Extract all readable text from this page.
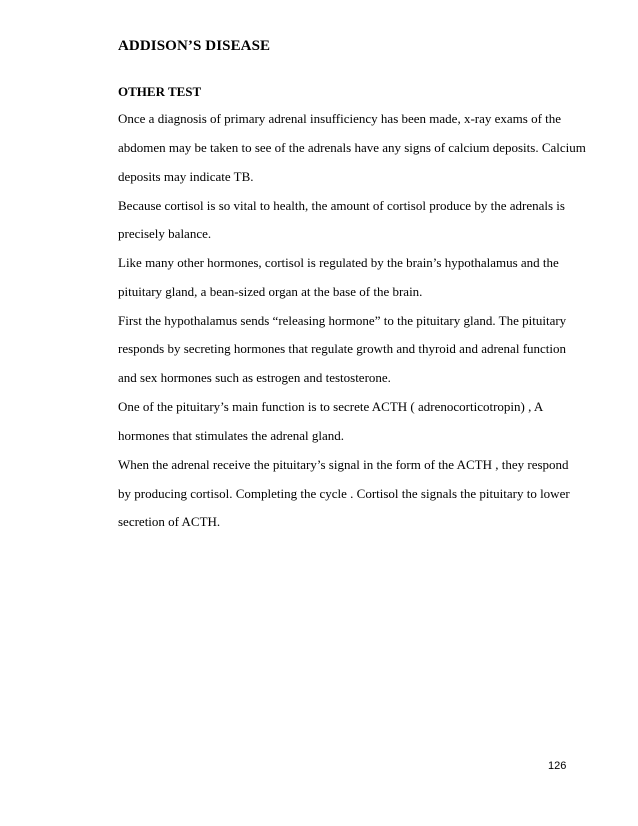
ADDISON’S DISEASE
OTHER TEST
Once a diagnosis of primary adrenal insufficiency has been made, x-ray exams of the
abdomen may be taken to see of the adrenals have any signs of calcium deposits. Calcium
deposits may indicate TB.
Because cortisol is so vital to health, the amount of cortisol produce by the adrenals is
precisely balance.
Like many other hormones, cortisol is regulated by the brain’s hypothalamus and the
pituitary gland, a bean-sized organ at the base of the brain.
First the hypothalamus sends “releasing hormone” to the pituitary gland. The pituitary
responds by secreting hormones that regulate growth and thyroid and adrenal function
and sex hormones such as estrogen and testosterone.
One of the pituitary’s main function is to secrete ACTH ( adrenocorticotropin) , A
hormones that stimulates the adrenal gland.
When the adrenal receive the pituitary’s signal in the form of the ACTH , they respond
by producing cortisol. Completing the cycle . Cortisol the signals the pituitary to lower
secretion of ACTH.
126
